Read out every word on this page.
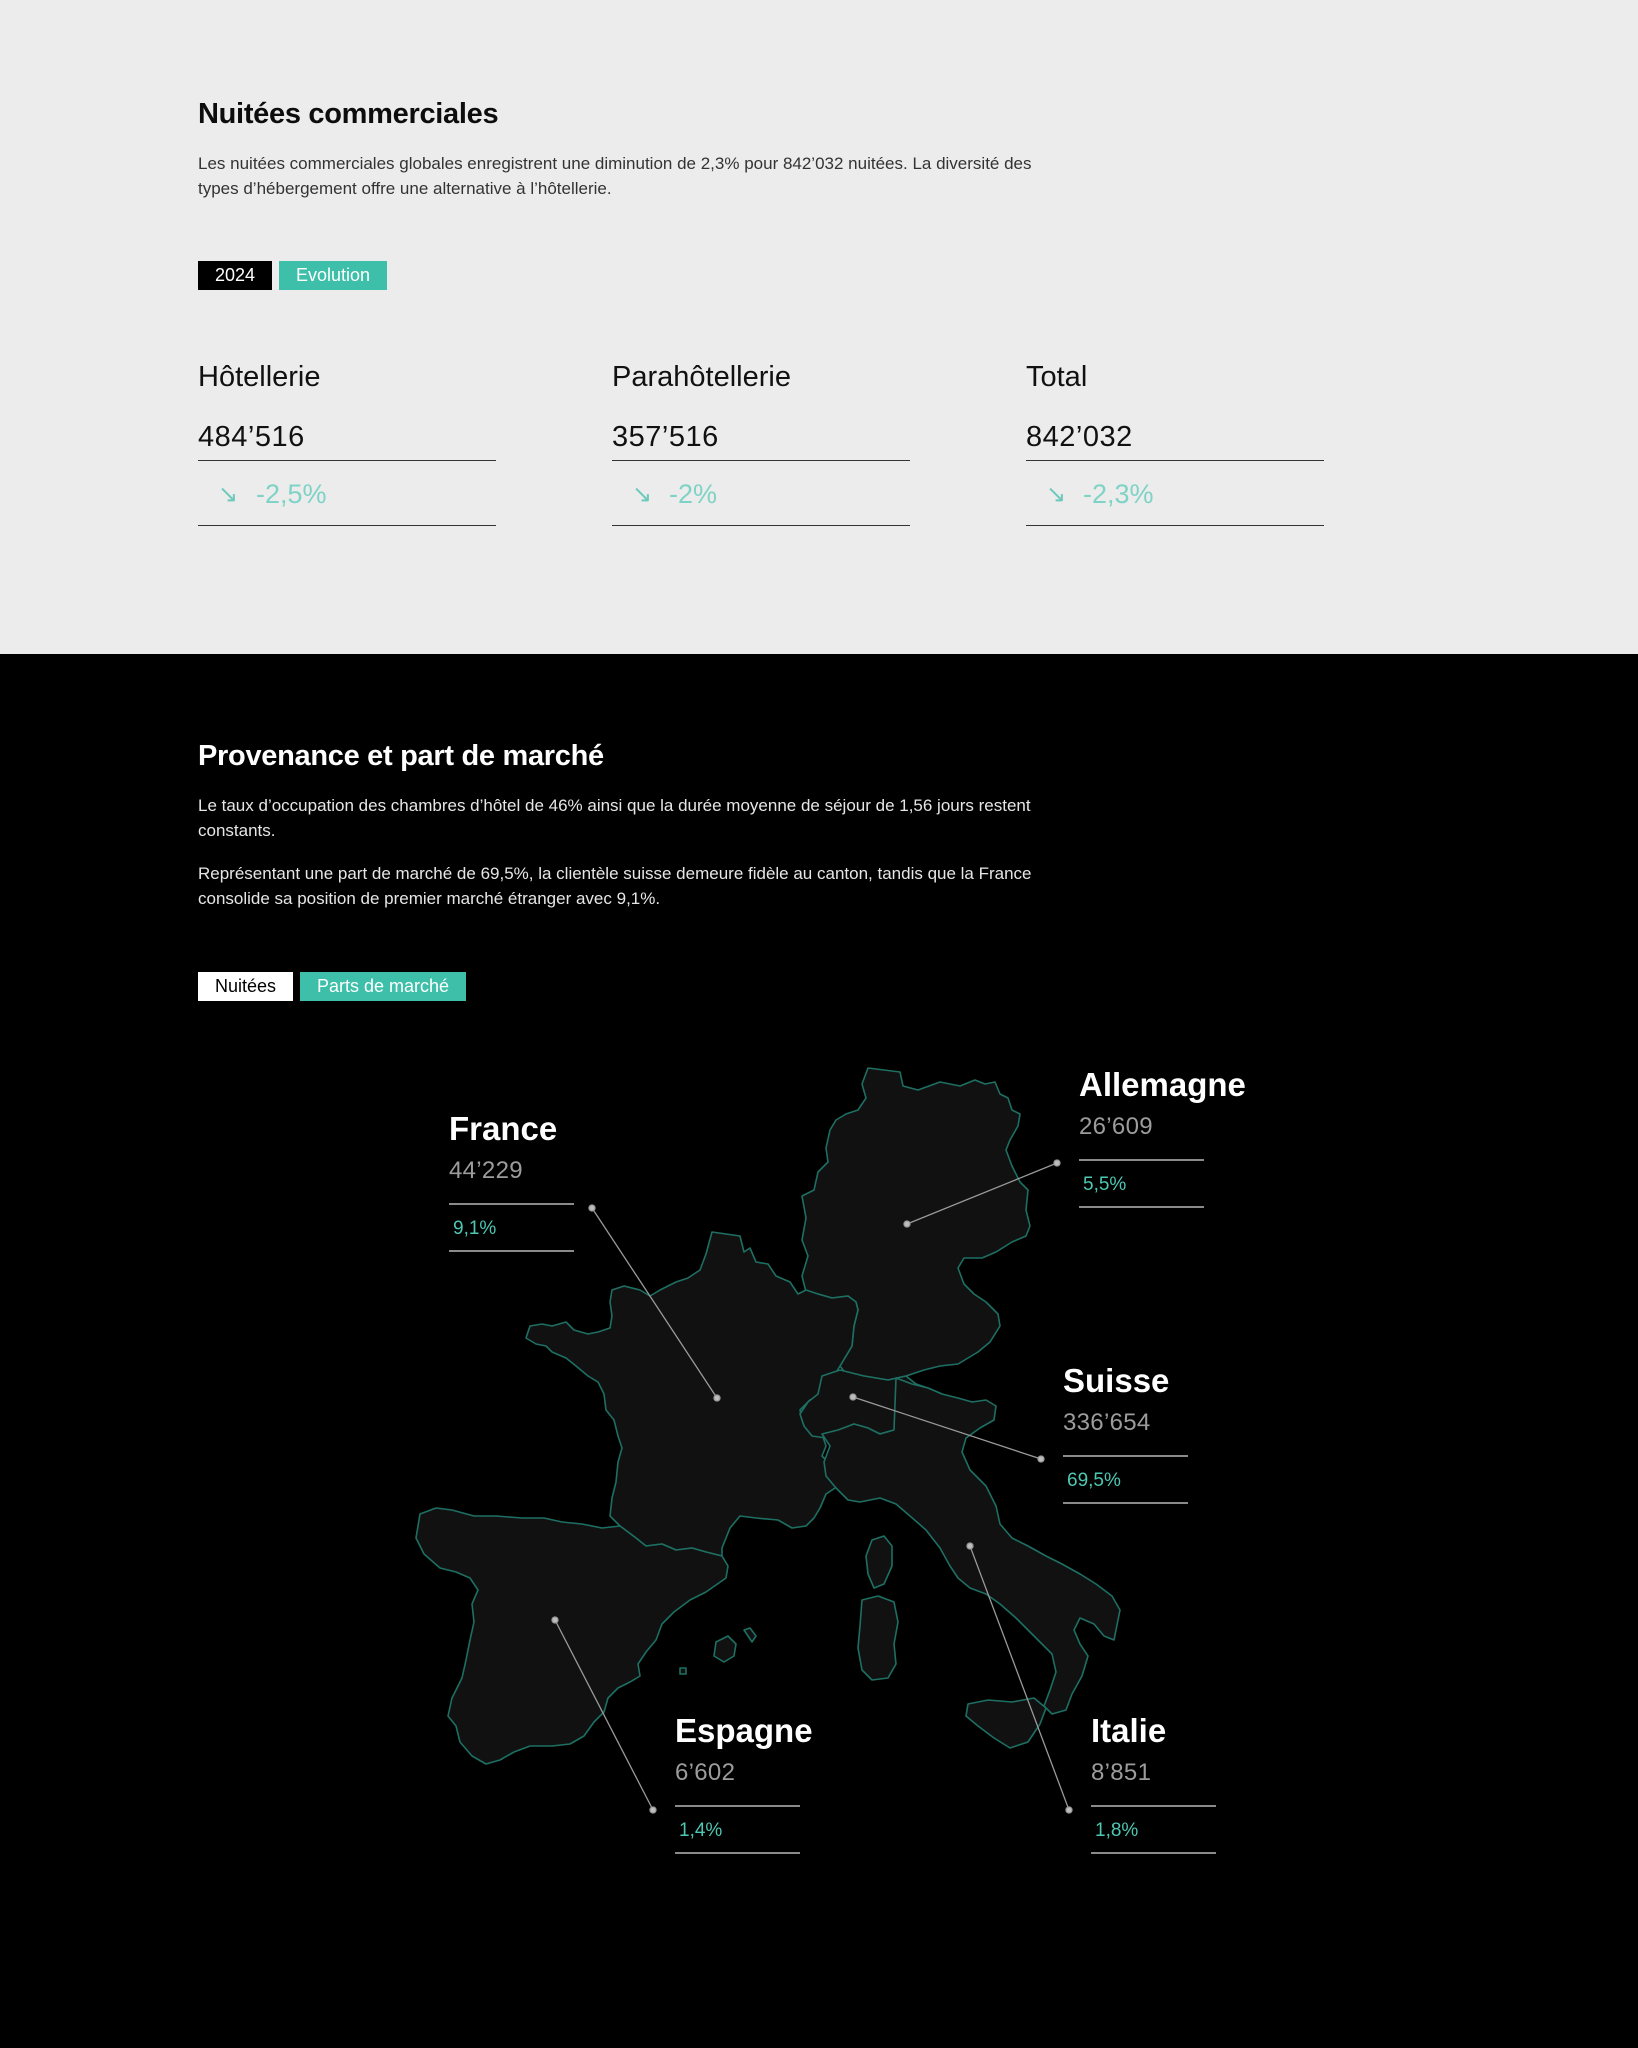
Nuitées commerciales
Les nuitées commerciales globales enregistrent une diminution de 2,3% pour 842’032 nuitées. La diversité des types d’hébergement offre une alternative à l’hôtellerie.
2024	Evolution
Hôtellerie
484’516
↘ -2,5%
Parahôtellerie
357’516
↘ -2%
Total
842’032
↘ -2,3%
Provenance et part de marché
Le taux d’occupation des chambres d’hôtel de 46% ainsi que la durée moyenne de séjour de 1,56 jours restent constants.
Représentant une part de marché de 69,5%, la clientèle suisse demeure fidèle au canton, tandis que la France consolide sa position de premier marché étranger avec 9,1%.
Nuitées	Parts de marché
France
44’229
9,1%
Allemagne
26’609
5,5%
Suisse
336’654
69,5%
Espagne
6’602
1,4%
Italie
8’851
1,8%
